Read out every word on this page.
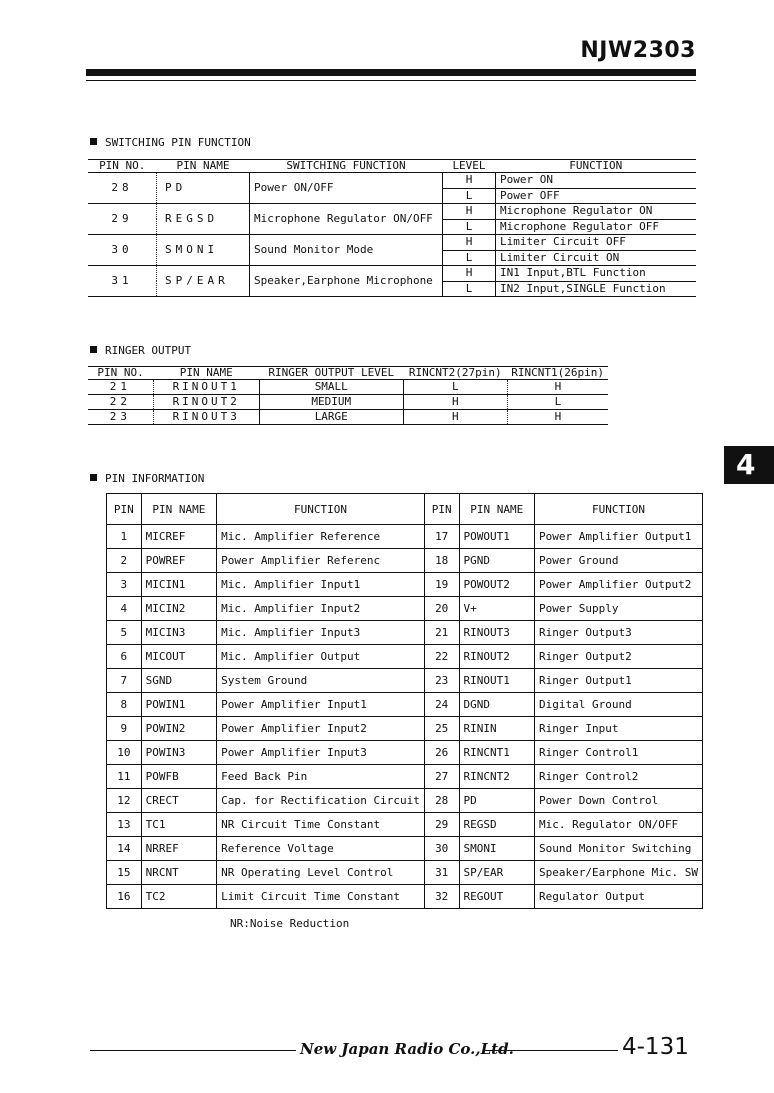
NJW2303
4
SWITCHING PIN FUNCTION
PIN NO.	PIN NAME	SWITCHING FUNCTION	LEVEL	FUNCTION
28	PD	Power ON/OFF	H	Power ON
			L	Power OFF
29	REGSD	Microphone Regulator ON/OFF	H	Microphone Regulator ON
			L	Microphone Regulator OFF
30	SMONI	Sound Monitor Mode	H	Limiter Circuit OFF
			L	Limiter Circuit ON
31	SP/EAR	Speaker,Earphone Microphone	H	IN1 Input,BTL Function
			L	IN2 Input,SINGLE Function
RINGER OUTPUT
PIN NO.	PIN NAME	RINGER OUTPUT LEVEL	RINCNT2(27pin)	RINCNT1(26pin)
21	RINOUT1	SMALL	L	H
22	RINOUT2	MEDIUM	H	L
23	RINOUT3	LARGE	H	H
PIN INFORMATION
PIN	PIN NAME	FUNCTION	PIN	PIN NAME	FUNCTION
1	MICREF	Mic. Amplifier Reference	17	POWOUT1	Power Amplifier Output1
2	POWREF	Power Amplifier Referenc	18	PGND	Power Ground
3	MICIN1	Mic. Amplifier Input1	19	POWOUT2	Power Amplifier Output2
4	MICIN2	Mic. Amplifier Input2	20	V+	Power Supply
5	MICIN3	Mic. Amplifier Input3	21	RINOUT3	Ringer Output3
6	MICOUT	Mic. Amplifier Output	22	RINOUT2	Ringer Output2
7	SGND	System Ground	23	RINOUT1	Ringer Output1
8	POWIN1	Power Amplifier Input1	24	DGND	Digital Ground
9	POWIN2	Power Amplifier Input2	25	RININ	Ringer Input
10	POWIN3	Power Amplifier Input3	26	RINCNT1	Ringer Control1
11	POWFB	Feed Back Pin	27	RINCNT2	Ringer Control2
12	CRECT	Cap. for Rectification Circuit	28	PD	Power Down Control
13	TC1	NR Circuit Time Constant	29	REGSD	Mic. Regulator ON/OFF
14	NRREF	Reference Voltage	30	SMONI	Sound Monitor Switching
15	NRCNT	NR Operating Level Control	31	SP/EAR	Speaker/Earphone Mic. SW
16	TC2	Limit Circuit Time Constant	32	REGOUT	Regulator Output
NR:Noise Reduction
New Japan Radio Co.,Ltd.	4-131
